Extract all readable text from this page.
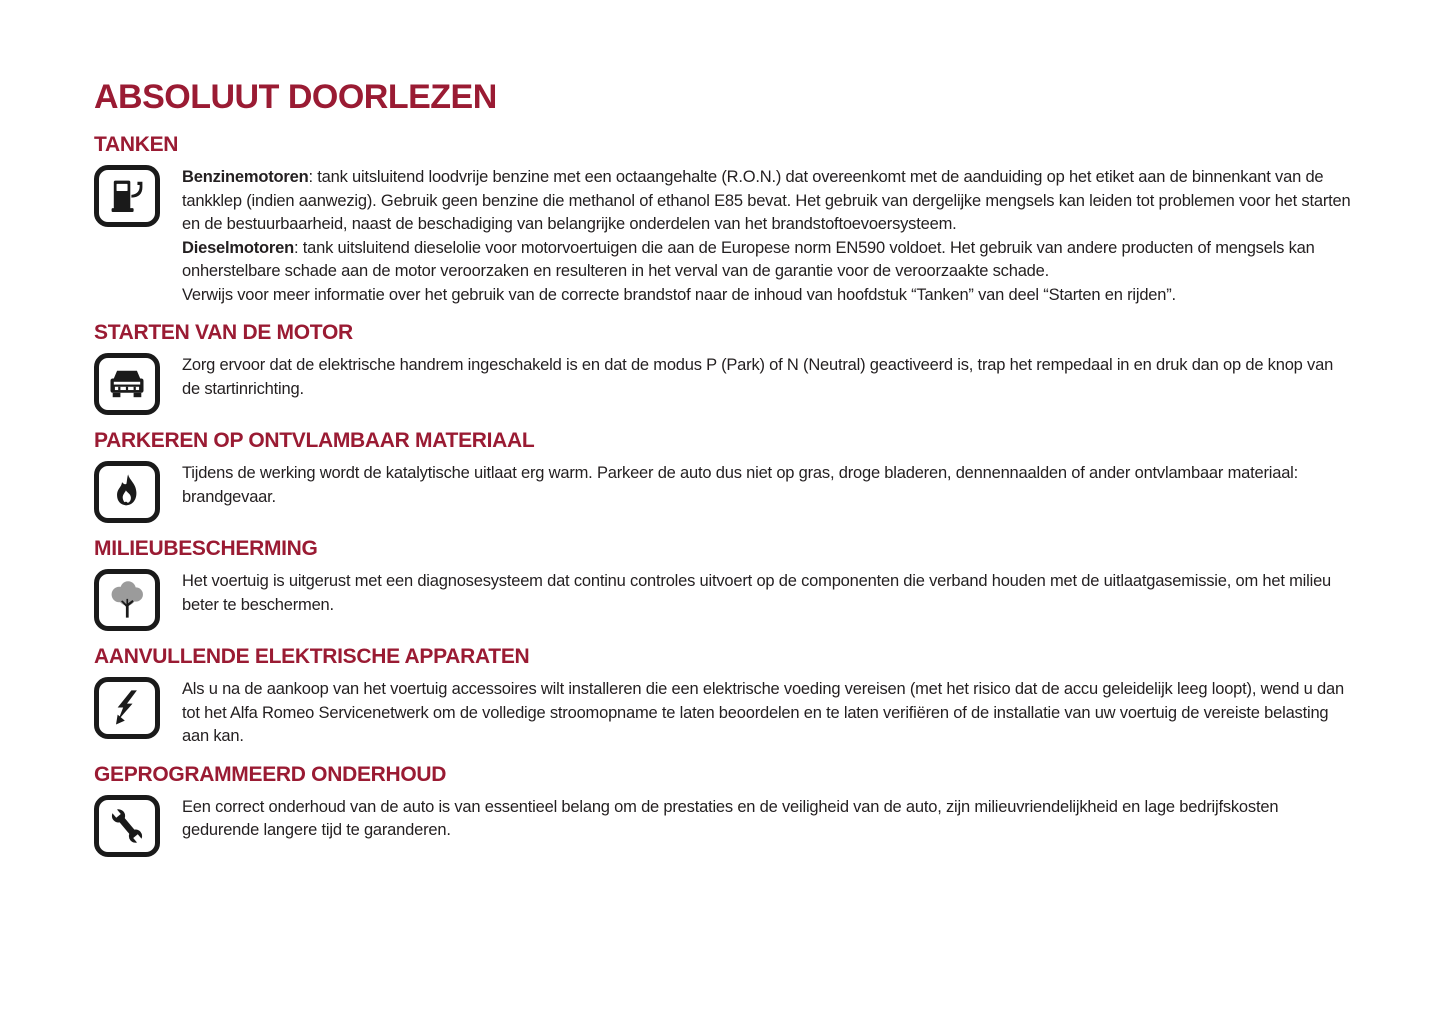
ABSOLUUT DOORLEZEN
TANKEN

Benzinemotoren: tank uitsluitend loodvrije benzine met een octaangehalte (R.O.N.) dat overeenkomt met de aanduiding op het etiket aan de binnenkant van de tankklep (indien aanwezig). Gebruik geen benzine die methanol of ethanol E85 bevat. Het gebruik van dergelijke mengsels kan leiden tot problemen voor het starten en de bestuurbaarheid, naast de beschadiging van belangrijke onderdelen van het brandstoftoevoersysteem.

Dieselmotoren: tank uitsluitend dieselolie voor motorvoertuigen die aan de Europese norm EN590 voldoet. Het gebruik van andere producten of mengsels kan onherstelbare schade aan de motor veroorzaken en resulteren in het verval van de garantie voor de veroorzaakte schade.

Verwijs voor meer informatie over het gebruik van de correcte brandstof naar de inhoud van hoofdstuk “Tanken” van deel “Starten en rijden”.

STARTEN VAN DE MOTOR

Zorg ervoor dat de elektrische handrem ingeschakeld is en dat de modus P (Park) of N (Neutral) geactiveerd is, trap het rempedaal in en druk dan op de knop van de startinrichting.

PARKEREN OP ONTVLAMBAAR MATERIAAL

Tijdens de werking wordt de katalytische uitlaat erg warm. Parkeer de auto dus niet op gras, droge bladeren, dennennaalden of ander ontvlambaar materiaal: brandgevaar.

MILIEUBESCHERMING

Het voertuig is uitgerust met een diagnosesysteem dat continu controles uitvoert op de componenten die verband houden met de uitlaatgasemissie, om het milieu beter te beschermen.

AANVULLENDE ELEKTRISCHE APPARATEN

Als u na de aankoop van het voertuig accessoires wilt installeren die een elektrische voeding vereisen (met het risico dat de accu geleidelijk leeg loopt), wend u dan tot het Alfa Romeo Servicenetwerk om de volledige stroomopname te laten beoordelen en te laten verifiëren of de installatie van uw voertuig de vereiste belasting aan kan.

GEPROGRAMMEERD ONDERHOUD

Een correct onderhoud van de auto is van essentieel belang om de prestaties en de veiligheid van de auto, zijn milieuvriendelijkheid en lage bedrijfskosten gedurende langere tijd te garanderen.
